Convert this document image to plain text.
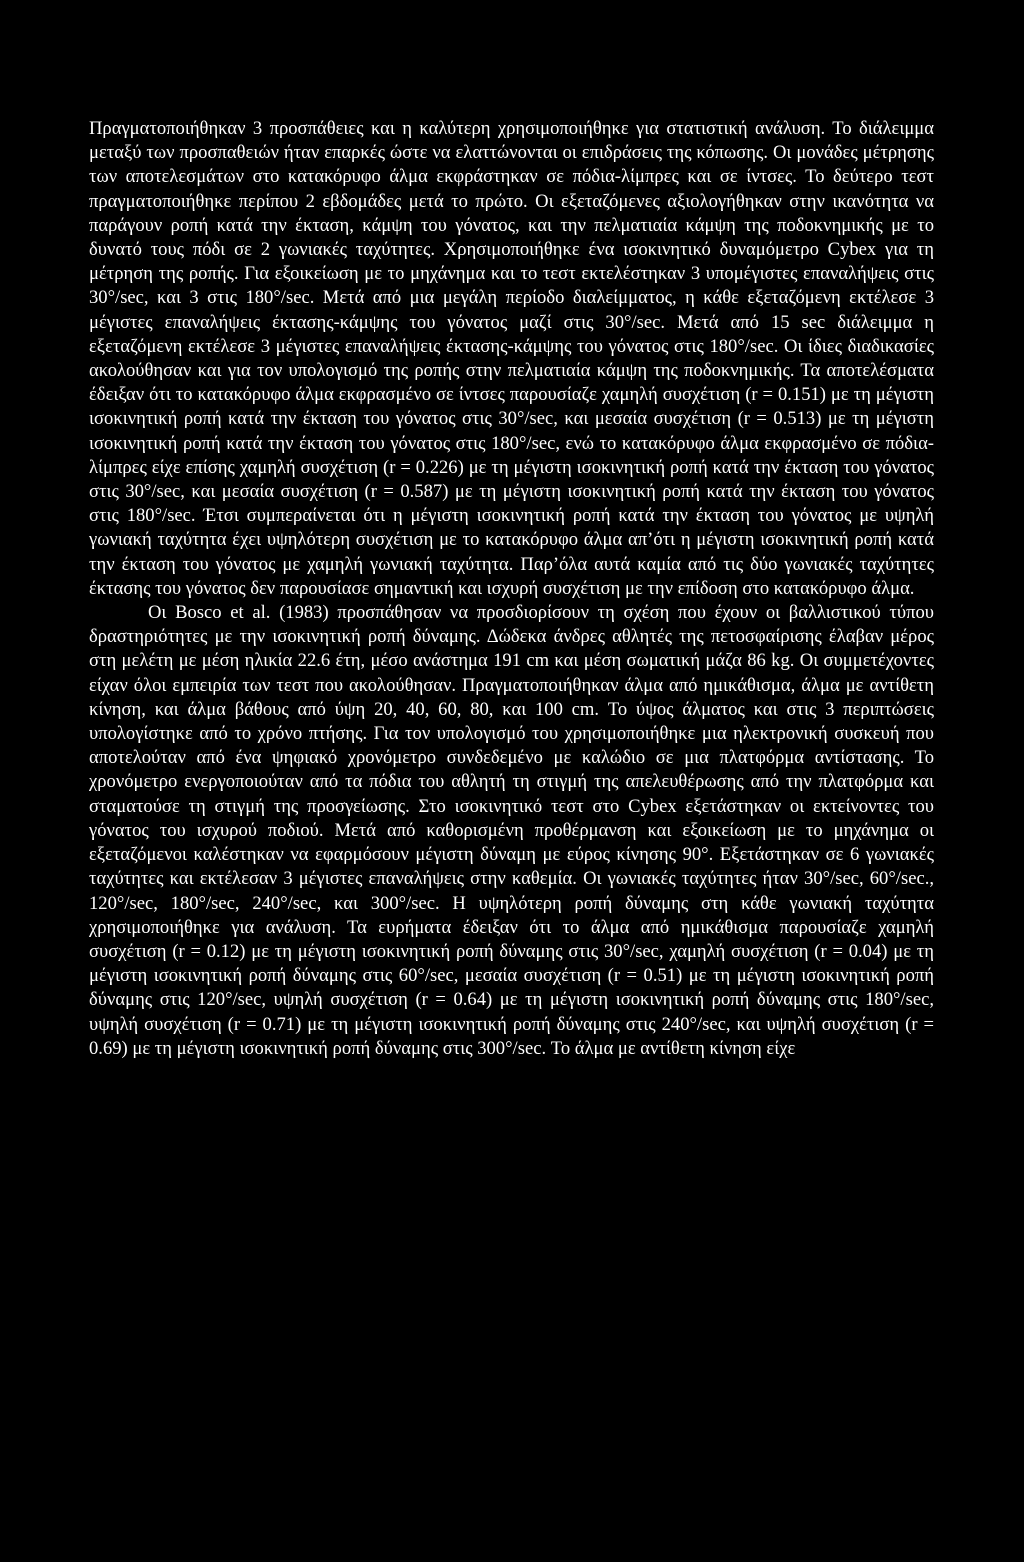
Πραγματοποιήθηκαν 3 προσπάθειες και η καλύτερη χρησιμοποιήθηκε για στατιστική ανάλυση. Το διάλειμμα μεταξύ των προσπαθειών ήταν επαρκές ώστε να ελαττώνονται οι επιδράσεις της κόπωσης. Οι μονάδες μέτρησης των αποτελεσμάτων στο κατακόρυφο άλμα εκφράστηκαν σε πόδια-λίμπρες και σε ίντσες. Το δεύτερο τεστ πραγματοποιήθηκε περίπου 2 εβδομάδες μετά το πρώτο. Οι εξεταζόμενες αξιολογήθηκαν στην ικανότητα να παράγουν ροπή κατά την έκταση, κάμψη του γόνατος, και την πελματιαία κάμψη της ποδοκνημικής με το δυνατό τους πόδι σε 2 γωνιακές ταχύτητες. Χρησιμοποιήθηκε ένα ισοκινητικό δυναμόμετρο Cybex για τη μέτρηση της ροπής. Για εξοικείωση με το μηχάνημα και το τεστ εκτελέστηκαν 3 υπομέγιστες επαναλήψεις στις 30°/sec, και 3 στις 180°/sec. Μετά από μια μεγάλη περίοδο διαλείμματος, η κάθε εξεταζόμενη εκτέλεσε 3 μέγιστες επαναλήψεις έκτασης-κάμψης του γόνατος μαζί στις 30°/sec. Μετά από 15 sec διάλειμμα η εξεταζόμενη εκτέλεσε 3 μέγιστες επαναλήψεις έκτασης-κάμψης του γόνατος στις 180°/sec. Οι ίδιες διαδικασίες ακολούθησαν και για τον υπολογισμό της ροπής στην πελματιαία κάμψη της ποδοκνημικής. Τα αποτελέσματα έδειξαν ότι το κατακόρυφο άλμα εκφρασμένο σε ίντσες παρουσίαζε χαμηλή συσχέτιση (r = 0.151) με τη μέγιστη ισοκινητική ροπή κατά την έκταση του γόνατος στις 30°/sec, και μεσαία συσχέτιση (r = 0.513) με τη μέγιστη ισοκινητική ροπή κατά την έκταση του γόνατος στις 180°/sec, ενώ το κατακόρυφο άλμα εκφρασμένο σε πόδια-λίμπρες είχε επίσης χαμηλή συσχέτιση (r = 0.226) με τη μέγιστη ισοκινητική ροπή κατά την έκταση του γόνατος στις 30°/sec, και μεσαία συσχέτιση (r = 0.587) με τη μέγιστη ισοκινητική ροπή κατά την έκταση του γόνατος στις 180°/sec. Έτσι συμπεραίνεται ότι η μέγιστη ισοκινητική ροπή κατά την έκταση του γόνατος με υψηλή γωνιακή ταχύτητα έχει υψηλότερη συσχέτιση με το κατακόρυφο άλμα απ’ότι η μέγιστη ισοκινητική ροπή κατά την έκταση του γόνατος με χαμηλή γωνιακή ταχύτητα. Παρ’όλα αυτά καμία από τις δύο γωνιακές ταχύτητες έκτασης του γόνατος δεν παρουσίασε σημαντική και ισχυρή συσχέτιση με την επίδοση στο κατακόρυφο άλμα.

Οι Bosco et al. (1983) προσπάθησαν να προσδιορίσουν τη σχέση που έχουν οι βαλλιστικού τύπου δραστηριότητες με την ισοκινητική ροπή δύναμης. Δώδεκα άνδρες αθλητές της πετοσφαίρισης έλαβαν μέρος στη μελέτη με μέση ηλικία 22.6 έτη, μέσο ανάστημα 191 cm και μέση σωματική μάζα 86 kg. Οι συμμετέχοντες είχαν όλοι εμπειρία των τεστ που ακολούθησαν. Πραγματοποιήθηκαν άλμα από ημικάθισμα, άλμα με αντίθετη κίνηση, και άλμα βάθους από ύψη 20, 40, 60, 80, και 100 cm. Το ύψος άλματος και στις 3 περιπτώσεις υπολογίστηκε από το χρόνο πτήσης. Για τον υπολογισμό του χρησιμοποιήθηκε μια ηλεκτρονική συσκευή που αποτελούταν από ένα ψηφιακό χρονόμετρο συνδεδεμένο με καλώδιο σε μια πλατφόρμα αντίστασης. Το χρονόμετρο ενεργοποιούταν από τα πόδια του αθλητή τη στιγμή της απελευθέρωσης από την πλατφόρμα και σταματούσε τη στιγμή της προσγείωσης. Στο ισοκινητικό τεστ στο Cybex εξετάστηκαν οι εκτείνοντες του γόνατος του ισχυρού ποδιού. Μετά από καθορισμένη προθέρμανση και εξοικείωση με το μηχάνημα οι εξεταζόμενοι καλέστηκαν να εφαρμόσουν μέγιστη δύναμη με εύρος κίνησης 90°. Εξετάστηκαν σε 6 γωνιακές ταχύτητες και εκτέλεσαν 3 μέγιστες επαναλήψεις στην καθεμία. Οι γωνιακές ταχύτητες ήταν 30°/sec, 60°/sec., 120°/sec, 180°/sec, 240°/sec, και 300°/sec. Η υψηλότερη ροπή δύναμης στη κάθε γωνιακή ταχύτητα χρησιμοποιήθηκε για ανάλυση. Τα ευρήματα έδειξαν ότι το άλμα από ημικάθισμα παρουσίαζε χαμηλή συσχέτιση (r = 0.12) με τη μέγιστη ισοκινητική ροπή δύναμης στις 30°/sec, χαμηλή συσχέτιση (r = 0.04) με τη μέγιστη ισοκινητική ροπή δύναμης στις 60°/sec, μεσαία συσχέτιση (r = 0.51) με τη μέγιστη ισοκινητική ροπή δύναμης στις 120°/sec, υψηλή συσχέτιση (r = 0.64) με τη μέγιστη ισοκινητική ροπή δύναμης στις 180°/sec, υψηλή συσχέτιση (r = 0.71) με τη μέγιστη ισοκινητική ροπή δύναμης στις 240°/sec, και υψηλή συσχέτιση (r = 0.69) με τη μέγιστη ισοκινητική ροπή δύναμης στις 300°/sec. Το άλμα με αντίθετη κίνηση είχε
